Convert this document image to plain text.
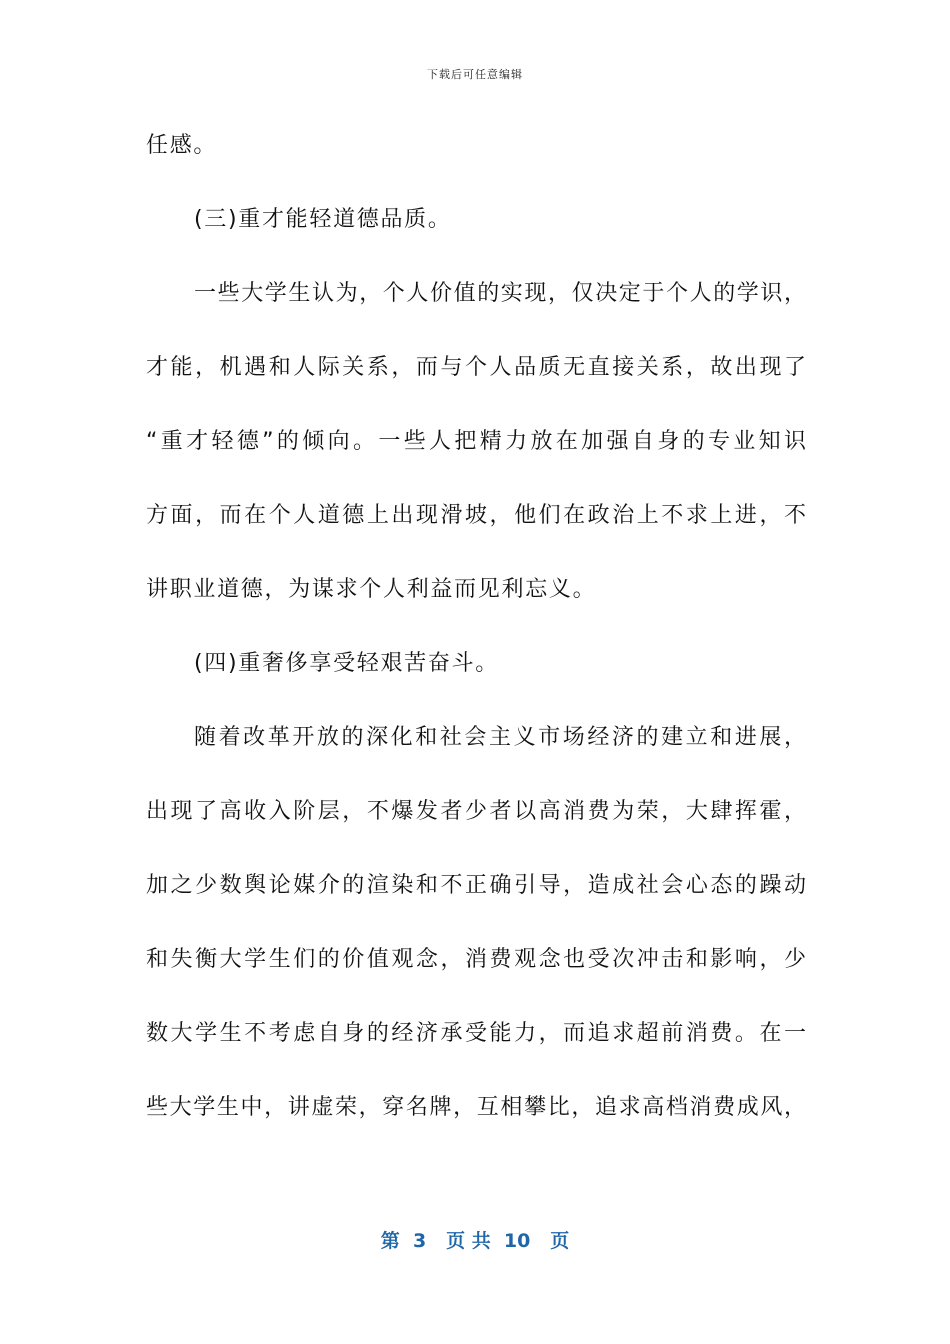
下载后可任意编辑
任感。
(三)重才能轻道德品质。
一些大学生认为，个人价值的实现，仅决定于个人的学识，
才能，机遇和人际关系，而与个人品质无直接关系，故出现了
“重才轻德”的倾向。一些人把精力放在加强自身的专业知识
方面，而在个人道德上出现滑坡，他们在政治上不求上进，不
讲职业道德，为谋求个人利益而见利忘义。
(四)重奢侈享受轻艰苦奋斗。
随着改革开放的深化和社会主义市场经济的建立和进展，
出现了高收入阶层，不爆发者少者以高消费为荣，大肆挥霍，
加之少数舆论媒介的渲染和不正确引导，造成社会心态的躁动
和失衡大学生们的价值观念，消费观念也受次冲击和影响，少
数大学生不考虑自身的经济承受能力，而追求超前消费。在一
些大学生中，讲虚荣，穿名牌，互相攀比，追求高档消费成风，
第  3   页 共  10   页
